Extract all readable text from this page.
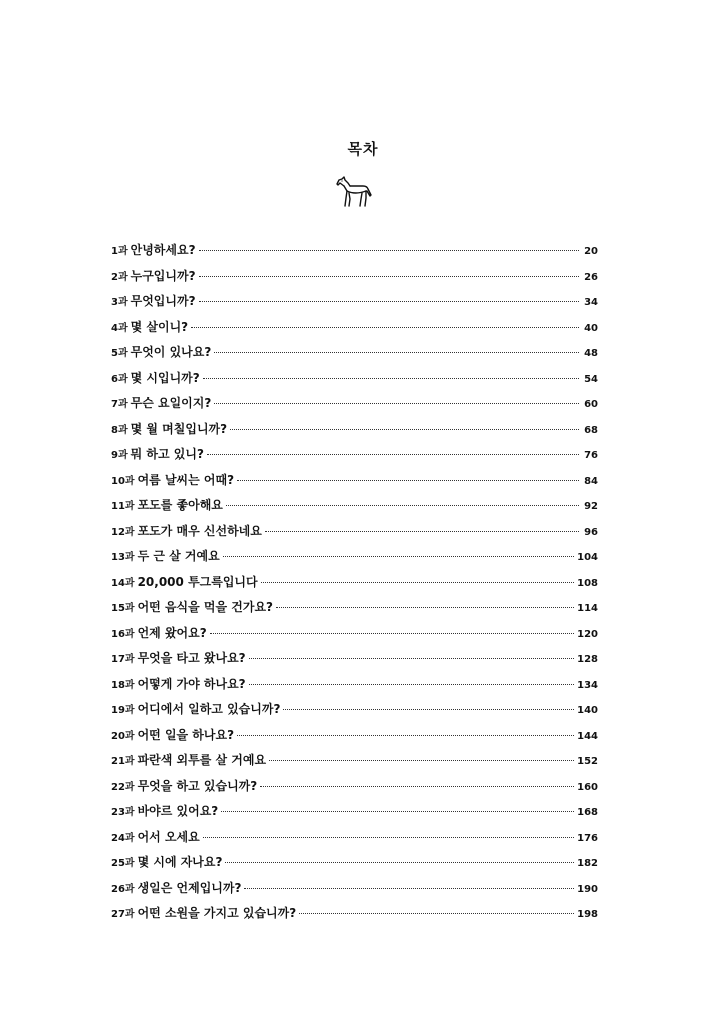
목차
1과 안녕하세요?	20
2과 누구입니까?	26
3과 무엇입니까?	34
4과 몇 살이니?	40
5과 무엇이 있나요?	48
6과 몇 시입니까?	54
7과 무슨 요일이지?	60
8과 몇 월 며칠입니까?	68
9과 뭐 하고 있니?	76
10과 여름 날씨는 어때?	84
11과 포도를 좋아해요	92
12과 포도가 매우 신선하네요	96
13과 두 근 살 거예요	104
14과 20,000 투그륵입니다	108
15과 어떤 음식을 먹을 건가요?	114
16과 언제 왔어요?	120
17과 무엇을 타고 왔나요?	128
18과 어떻게 가야 하나요?	134
19과 어디에서 일하고 있습니까?	140
20과 어떤 일을 하나요?	144
21과 파란색 외투를 살 거예요	152
22과 무엇을 하고 있습니까?	160
23과 바야르 있어요?	168
24과 어서 오세요	176
25과 몇 시에 자나요?	182
26과 생일은 언제입니까?	190
27과 어떤 소원을 가지고 있습니까?	198
